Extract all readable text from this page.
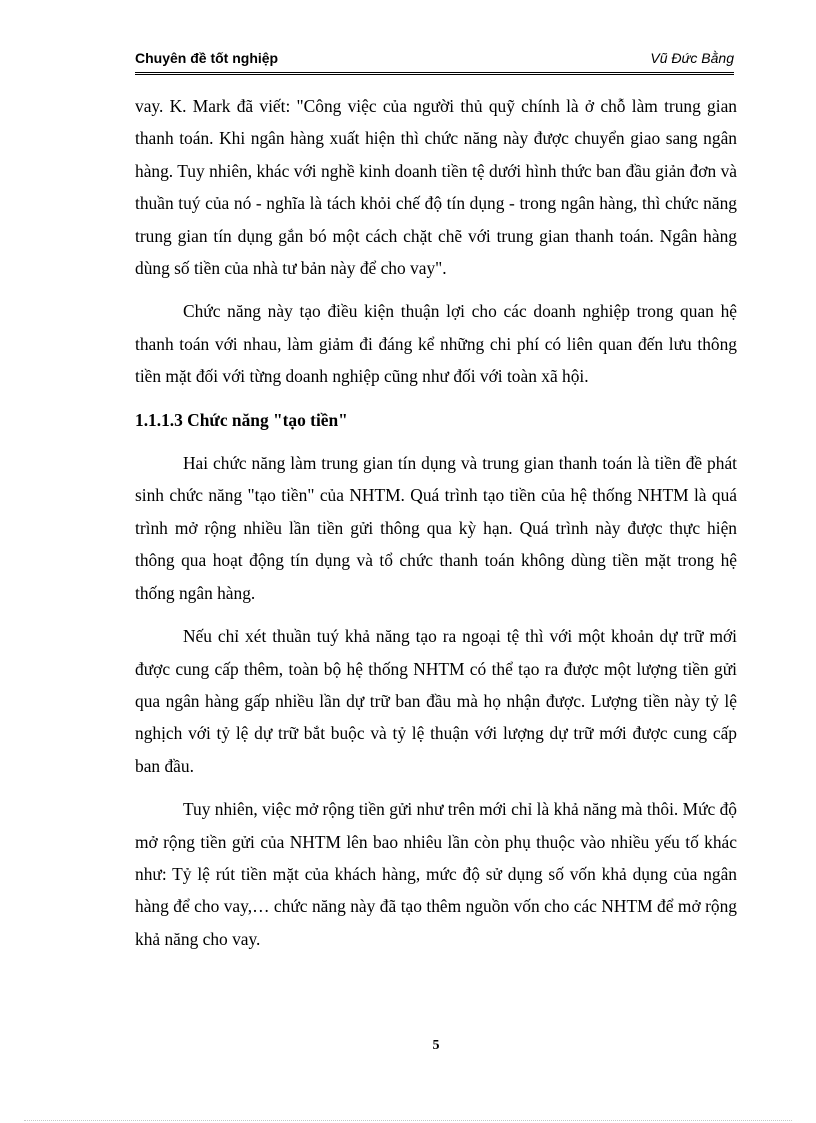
Chuyên đề tốt nghiệp	Vũ Đức Bằng

vay. K. Mark đã viết: "Công việc của người thủ quỹ chính là ở chỗ làm trung gian thanh toán. Khi ngân hàng xuất hiện thì chức năng này được chuyển giao sang ngân hàng. Tuy nhiên, khác với nghề kinh doanh tiền tệ dưới hình thức ban đầu giản đơn và thuần tuý của nó - nghĩa là tách khỏi chế độ tín dụng - trong ngân hàng, thì chức năng trung gian tín dụng gắn bó một cách chặt chẽ với trung gian thanh toán. Ngân hàng dùng số tiền của nhà tư bản này để cho vay".

Chức năng này tạo điều kiện thuận lợi cho các doanh nghiệp trong quan hệ thanh toán với nhau, làm giảm đi đáng kể những chi phí có liên quan đến lưu thông tiền mặt đối với từng doanh nghiệp cũng như đối với toàn xã hội.

1.1.1.3 Chức năng "tạo tiền"

Hai chức năng làm trung gian tín dụng và trung gian thanh toán là tiền đề phát sinh chức năng "tạo tiền" của NHTM. Quá trình tạo tiền của hệ thống NHTM là quá trình mở rộng nhiều lần tiền gửi thông qua kỳ hạn. Quá trình này được thực hiện thông qua hoạt động tín dụng và tổ chức thanh toán không dùng tiền mặt trong hệ thống ngân hàng.

Nếu chỉ xét thuần tuý khả năng tạo ra ngoại tệ thì với một khoản dự trữ mới được cung cấp thêm, toàn bộ hệ thống NHTM có thể tạo ra được một lượng tiền gửi qua ngân hàng gấp nhiều lần dự trữ ban đầu mà họ nhận được. Lượng tiền này tỷ lệ nghịch với tỷ lệ dự trữ bắt buộc và tỷ lệ thuận với lượng dự trữ mới được cung cấp ban đầu.

Tuy nhiên, việc mở rộng tiền gửi như trên mới chỉ là khả năng mà thôi. Mức độ mở rộng tiền gửi của NHTM lên bao nhiêu lần còn phụ thuộc vào nhiều yếu tố khác như: Tỷ lệ rút tiền mặt của khách hàng, mức độ sử dụng số vốn khả dụng của ngân hàng để cho vay,… chức năng này đã tạo thêm nguồn vốn cho các NHTM để mở rộng khả năng cho vay.

5
